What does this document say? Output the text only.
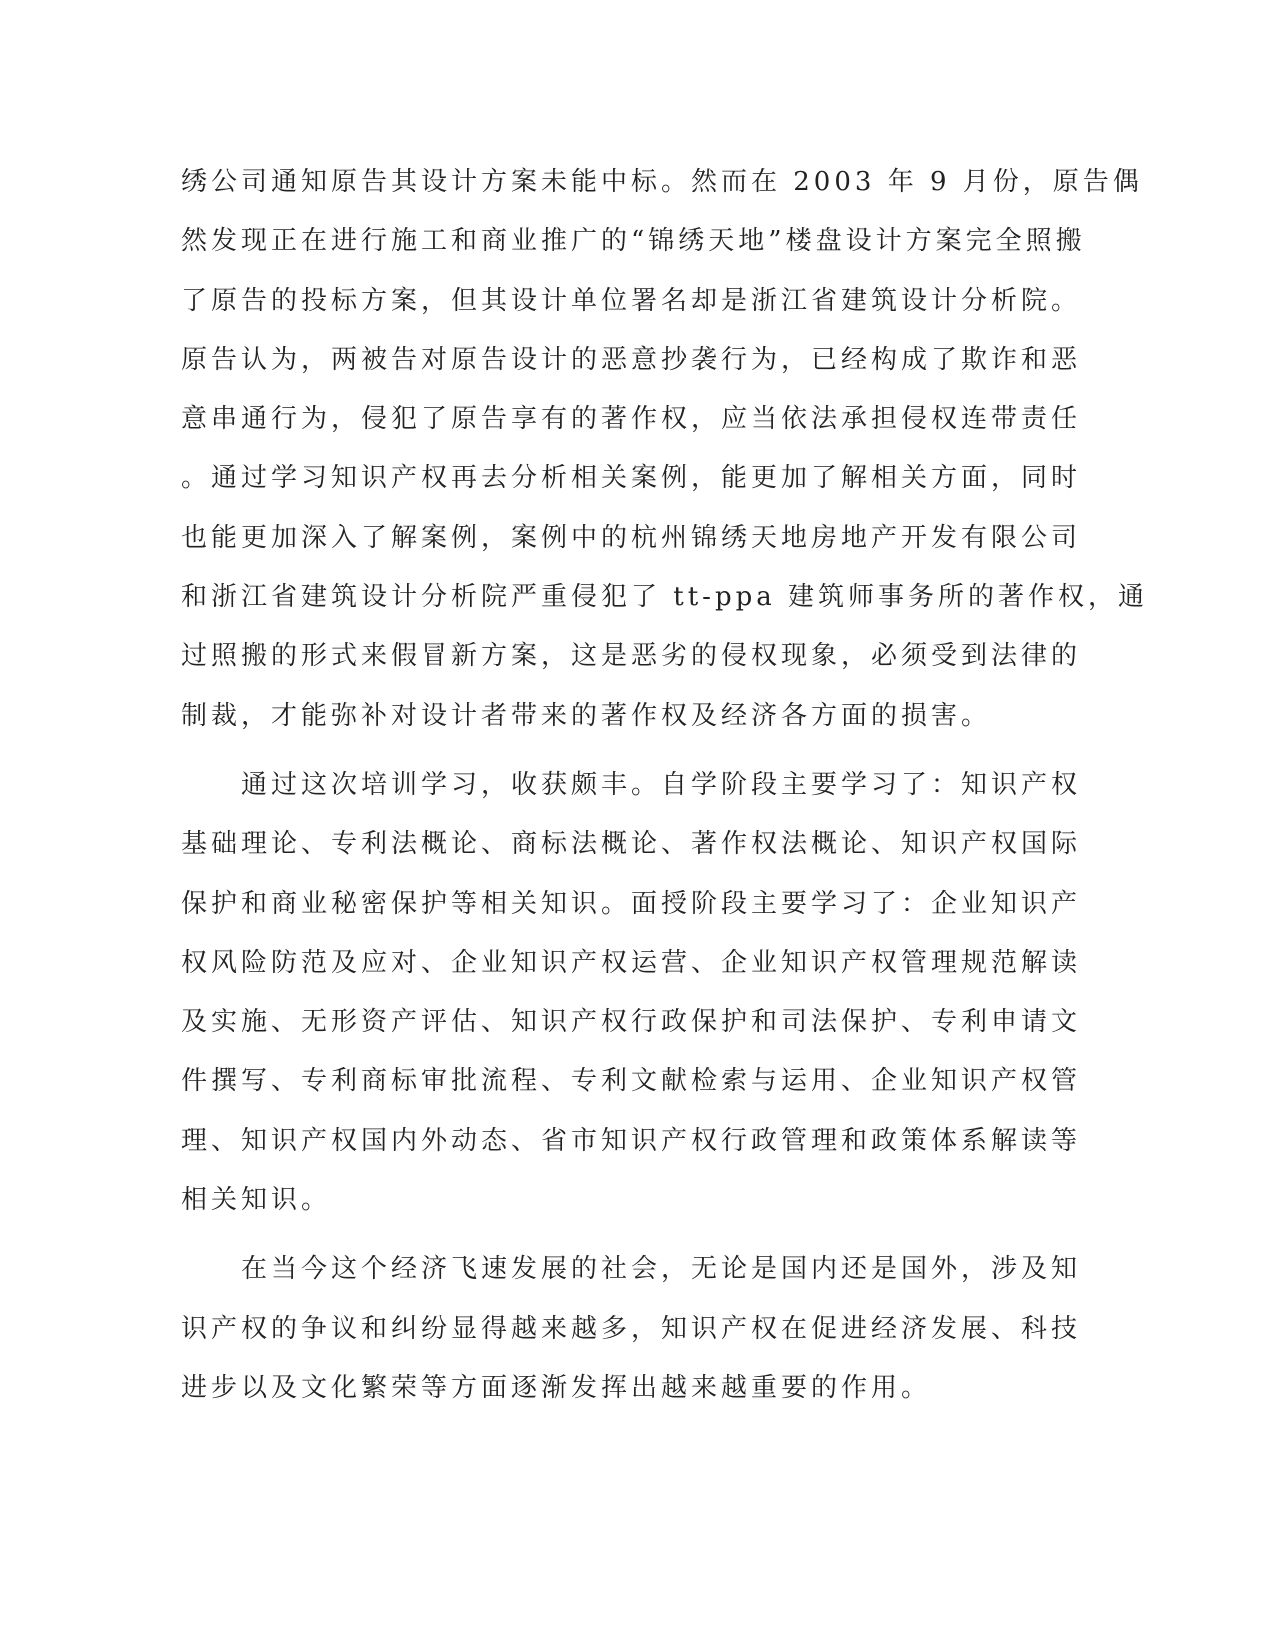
绣公司通知原告其设计方案未能中标。然而在 2003 年 9 月份，原告偶
然发现正在进行施工和商业推广的“锦绣天地”楼盘设计方案完全照搬
了原告的投标方案，但其设计单位署名却是浙江省建筑设计分析院。
原告认为，两被告对原告设计的恶意抄袭行为，已经构成了欺诈和恶
意串通行为，侵犯了原告享有的著作权，应当依法承担侵权连带责任
。通过学习知识产权再去分析相关案例，能更加了解相关方面，同时
也能更加深入了解案例，案例中的杭州锦绣天地房地产开发有限公司
和浙江省建筑设计分析院严重侵犯了 tt-ppa 建筑师事务所的著作权，通
过照搬的形式来假冒新方案，这是恶劣的侵权现象，必须受到法律的
制裁，才能弥补对设计者带来的著作权及经济各方面的损害。
　　通过这次培训学习，收获颇丰。自学阶段主要学习了：知识产权
基础理论、专利法概论、商标法概论、著作权法概论、知识产权国际
保护和商业秘密保护等相关知识。面授阶段主要学习了：企业知识产
权风险防范及应对、企业知识产权运营、企业知识产权管理规范解读
及实施、无形资产评估、知识产权行政保护和司法保护、专利申请文
件撰写、专利商标审批流程、专利文献检索与运用、企业知识产权管
理、知识产权国内外动态、省市知识产权行政管理和政策体系解读等
相关知识。
　　在当今这个经济飞速发展的社会，无论是国内还是国外，涉及知
识产权的争议和纠纷显得越来越多，知识产权在促进经济发展、科技
进步以及文化繁荣等方面逐渐发挥出越来越重要的作用。
